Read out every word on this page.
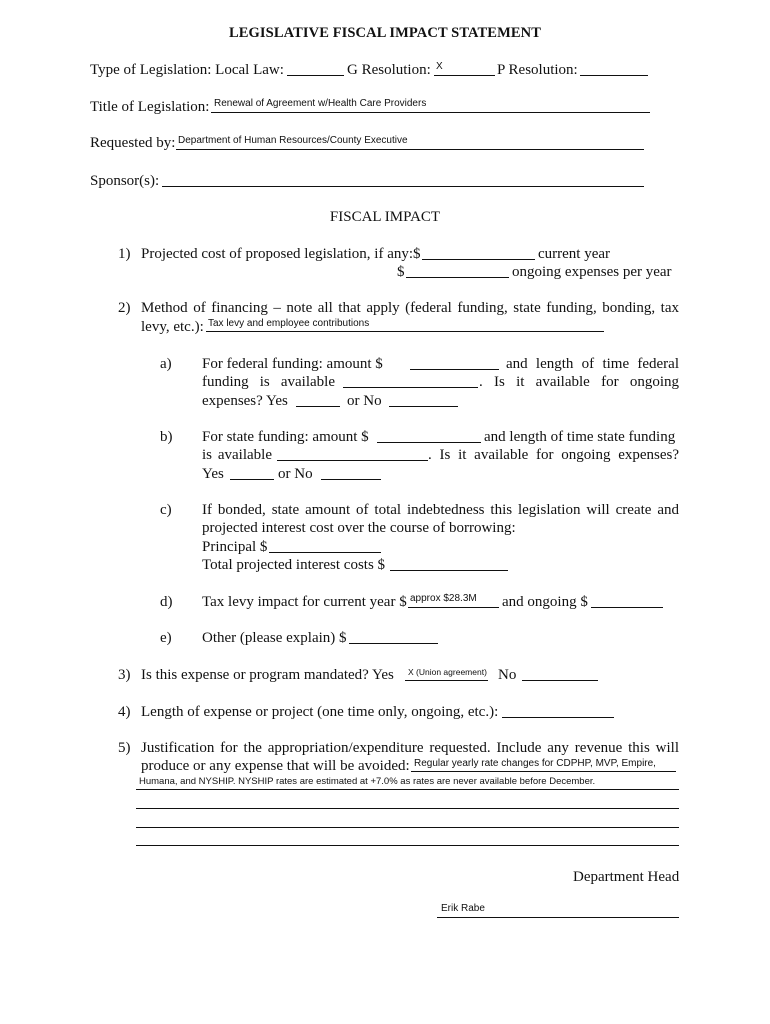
LEGISLATIVE FISCAL IMPACT STATEMENT
Type of Legislation: Local Law:	G Resolution: X	P Resolution:
Title of Legislation: Renewal of Agreement w/Health Care Providers
Requested by: Department of Human Resources/County Executive
Sponsor(s):
FISCAL IMPACT
1) Projected cost of proposed legislation, if any:$	current year
$	ongoing expenses per year
2) Method of financing – note all that apply (federal funding, state funding, bonding, tax
levy, etc.): Tax levy and employee contributions
a) For federal funding: amount $	and length of time federal
funding is available	. Is it available for ongoing
expenses? Yes	or No
b) For state funding: amount $	and length of time state funding
is available	. Is it available for ongoing expenses?
Yes	or No
c) If bonded, state amount of total indebtedness this legislation will create and
projected interest cost over the course of borrowing:
Principal $
Total projected interest costs $
d) Tax levy impact for current year $ approx $28.3M and ongoing $
e) Other (please explain) $
3) Is this expense or program mandated? Yes X (Union agreement) No
4) Length of expense or project (one time only, ongoing, etc.):
5) Justification for the appropriation/expenditure requested. Include any revenue this will
produce or any expense that will be avoided: Regular yearly rate changes for CDPHP, MVP, Empire,
Humana, and NYSHIP. NYSHIP rates are estimated at +7.0% as rates are never available before December.
Department Head
Erik Rabe
